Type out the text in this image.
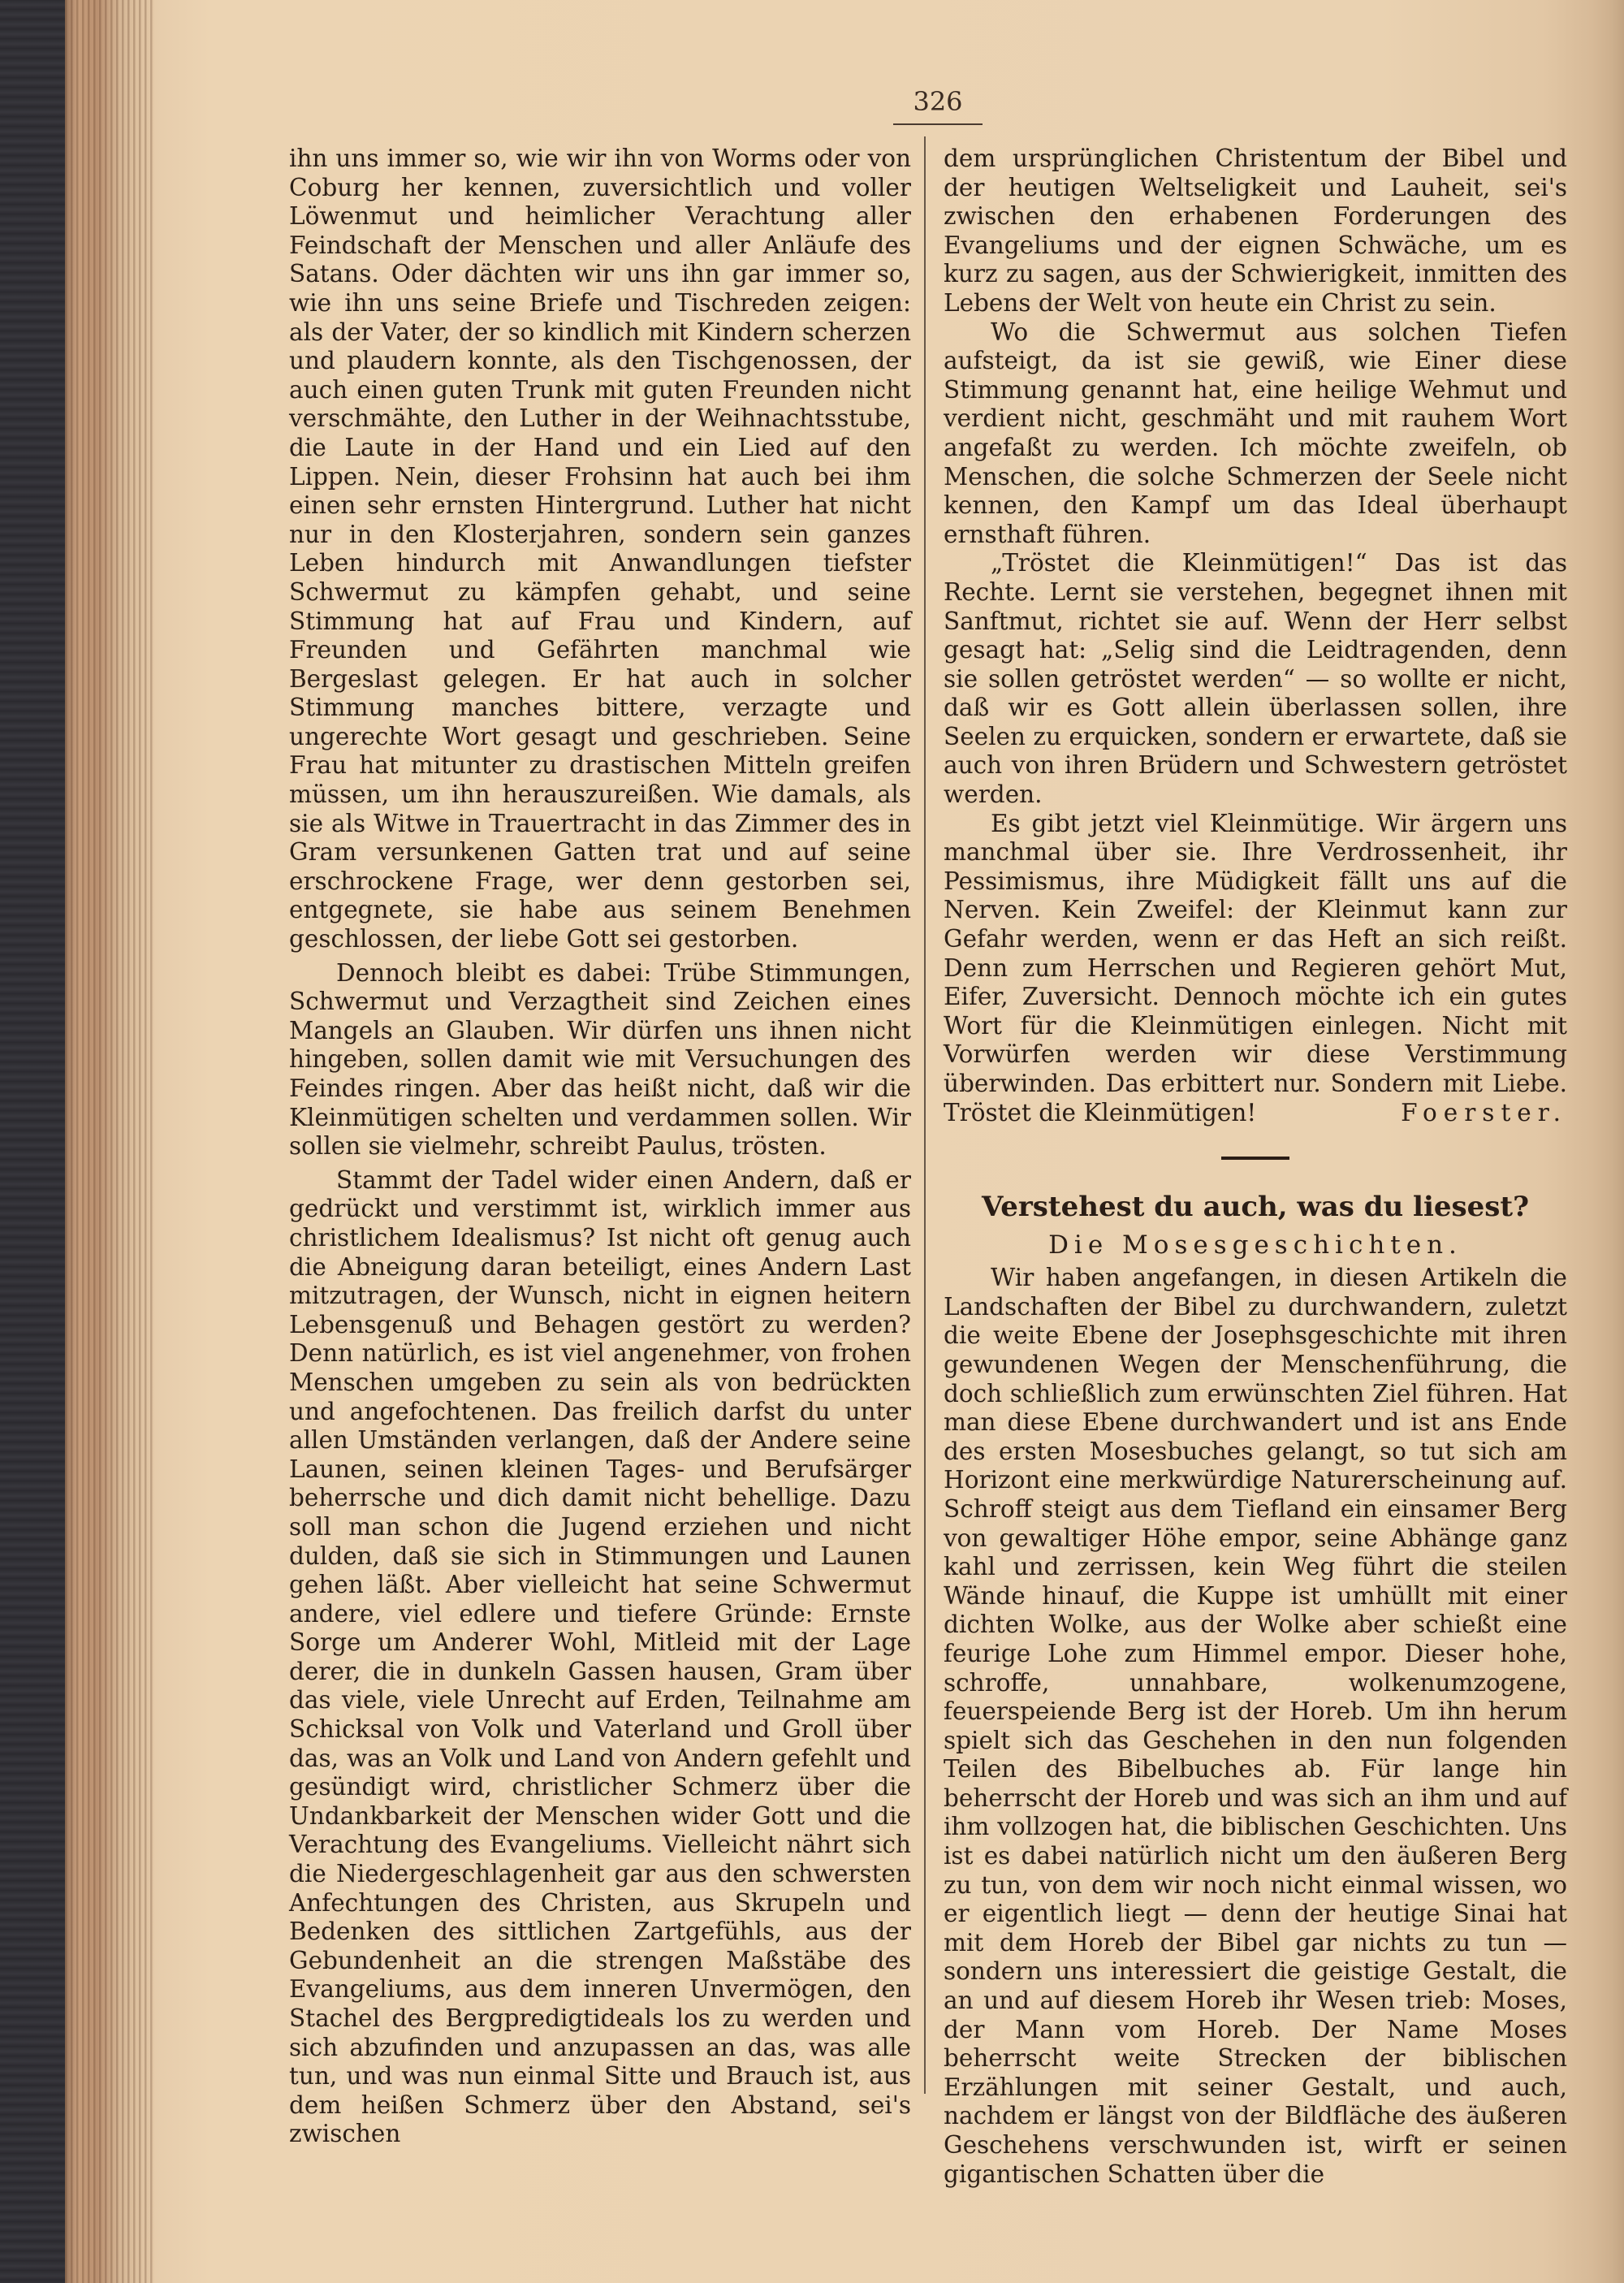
326

ihn uns immer so, wie wir ihn von Worms oder von Coburg her kennen, zuversichtlich und voller Löwenmut und heimlicher Verachtung aller Feindschaft der Menschen und aller Anläufe des Satans. Oder dächten wir uns ihn gar immer so, wie ihn uns seine Briefe und Tischreden zeigen: als der Vater, der so kindlich mit Kindern scherzen und plaudern konnte, als den Tischgenossen, der auch einen guten Trunk mit guten Freunden nicht verschmähte, den Luther in der Weihnachtsstube, die Laute in der Hand und ein Lied auf den Lippen. Nein, dieser Frohsinn hat auch bei ihm einen sehr ernsten Hintergrund. Luther hat nicht nur in den Klosterjahren, sondern sein ganzes Leben hindurch mit Anwandlungen tiefster Schwermut zu kämpfen gehabt, und seine Stimmung hat auf Frau und Kindern, auf Freunden und Gefährten manchmal wie Bergeslast gelegen. Er hat auch in solcher Stimmung manches bittere, verzagte und ungerechte Wort gesagt und geschrieben. Seine Frau hat mitunter zu drastischen Mitteln greifen müssen, um ihn herauszureißen. Wie damals, als sie als Witwe in Trauertracht in das Zimmer des in Gram versunkenen Gatten trat und auf seine erschrockene Frage, wer denn gestorben sei, entgegnete, sie habe aus seinem Benehmen geschlossen, der liebe Gott sei gestorben.

Dennoch bleibt es dabei: Trübe Stimmungen, Schwermut und Verzagtheit sind Zeichen eines Mangels an Glauben. Wir dürfen uns ihnen nicht hingeben, sollen damit wie mit Versuchungen des Feindes ringen. Aber das heißt nicht, daß wir die Kleinmütigen schelten und verdammen sollen. Wir sollen sie vielmehr, schreibt Paulus, trösten.

Stammt der Tadel wider einen Andern, daß er gedrückt und verstimmt ist, wirklich immer aus christlichem Idealismus? Ist nicht oft genug auch die Abneigung daran beteiligt, eines Andern Last mitzutragen, der Wunsch, nicht in eignen heitern Lebensgenuß und Behagen gestört zu werden? Denn natürlich, es ist viel angenehmer, von frohen Menschen umgeben zu sein als von bedrückten und angefochtenen. Das freilich darfst du unter allen Umständen verlangen, daß der Andere seine Launen, seinen kleinen Tages- und Berufsärger beherrsche und dich damit nicht behellige. Dazu soll man schon die Jugend erziehen und nicht dulden, daß sie sich in Stimmungen und Launen gehen läßt. Aber vielleicht hat seine Schwermut andere, viel edlere und tiefere Gründe: Ernste Sorge um Anderer Wohl, Mitleid mit der Lage derer, die in dunkeln Gassen hausen, Gram über das viele, viele Unrecht auf Erden, Teilnahme am Schicksal von Volk und Vaterland und Groll über das, was an Volk und Land von Andern gefehlt und gesündigt wird, christlicher Schmerz über die Undankbarkeit der Menschen wider Gott und die Verachtung des Evangeliums. Vielleicht nährt sich die Niedergeschlagenheit gar aus den schwersten Anfechtungen des Christen, aus Skrupeln und Bedenken des sittlichen Zartgefühls, aus der Gebundenheit an die strengen Maßstäbe des Evangeliums, aus dem inneren Unvermögen, den Stachel des Bergpredigtideals los zu werden und sich abzufinden und anzupassen an das, was alle tun, und was nun einmal Sitte und Brauch ist, aus dem heißen Schmerz über den Abstand, sei's zwischen

dem ursprünglichen Christentum der Bibel und der heutigen Weltseligkeit und Lauheit, sei's zwischen den erhabenen Forderungen des Evangeliums und der eignen Schwäche, um es kurz zu sagen, aus der Schwierigkeit, inmitten des Lebens der Welt von heute ein Christ zu sein.

Wo die Schwermut aus solchen Tiefen aufsteigt, da ist sie gewiß, wie Einer diese Stimmung genannt hat, eine heilige Wehmut und verdient nicht, geschmäht und mit rauhem Wort angefaßt zu werden. Ich möchte zweifeln, ob Menschen, die solche Schmerzen der Seele nicht kennen, den Kampf um das Ideal überhaupt ernsthaft führen.

„Tröstet die Kleinmütigen!“ Das ist das Rechte. Lernt sie verstehen, begegnet ihnen mit Sanftmut, richtet sie auf. Wenn der Herr selbst gesagt hat: „Selig sind die Leidtragenden, denn sie sollen getröstet werden“ — so wollte er nicht, daß wir es Gott allein überlassen sollen, ihre Seelen zu erquicken, sondern er erwartete, daß sie auch von ihren Brüdern und Schwestern getröstet werden.

Es gibt jetzt viel Kleinmütige. Wir ärgern uns manchmal über sie. Ihre Verdrossenheit, ihr Pessimismus, ihre Müdigkeit fällt uns auf die Nerven. Kein Zweifel: der Kleinmut kann zur Gefahr werden, wenn er das Heft an sich reißt. Denn zum Herrschen und Regieren gehört Mut, Eifer, Zuversicht. Dennoch möchte ich ein gutes Wort für die Kleinmütigen einlegen. Nicht mit Vorwürfen werden wir diese Verstimmung überwinden. Das erbittert nur. Sondern mit Liebe. Tröstet die Kleinmütigen!	Foerster.

Verstehest du auch, was du liesest?
Die Mosesgeschichten.

Wir haben angefangen, in diesen Artikeln die Landschaften der Bibel zu durchwandern, zuletzt die weite Ebene der Josephsgeschichte mit ihren gewundenen Wegen der Menschenführung, die doch schließlich zum erwünschten Ziel führen. Hat man diese Ebene durchwandert und ist ans Ende des ersten Mosesbuches gelangt, so tut sich am Horizont eine merkwürdige Naturerscheinung auf. Schroff steigt aus dem Tiefland ein einsamer Berg von gewaltiger Höhe empor, seine Abhänge ganz kahl und zerrissen, kein Weg führt die steilen Wände hinauf, die Kuppe ist umhüllt mit einer dichten Wolke, aus der Wolke aber schießt eine feurige Lohe zum Himmel empor. Dieser hohe, schroffe, unnahbare, wolkenumzogene, feuerspeiende Berg ist der Horeb. Um ihn herum spielt sich das Geschehen in den nun folgenden Teilen des Bibelbuches ab. Für lange hin beherrscht der Horeb und was sich an ihm und auf ihm vollzogen hat, die biblischen Geschichten. Uns ist es dabei natürlich nicht um den äußeren Berg zu tun, von dem wir noch nicht einmal wissen, wo er eigentlich liegt — denn der heutige Sinai hat mit dem Horeb der Bibel gar nichts zu tun — sondern uns interessiert die geistige Gestalt, die an und auf diesem Horeb ihr Wesen trieb: Moses, der Mann vom Horeb. Der Name Moses beherrscht weite Strecken der biblischen Erzählungen mit seiner Gestalt, und auch, nachdem er längst von der Bildfläche des äußeren Geschehens verschwunden ist, wirft er seinen gigantischen Schatten über die
